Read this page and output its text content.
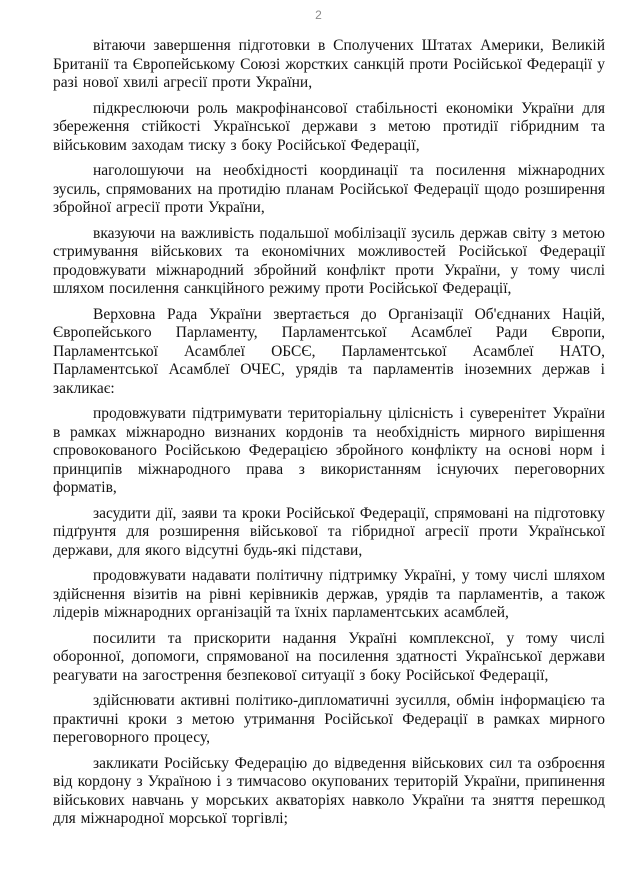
2

вітаючи завершення підготовки в Сполучених Штатах Америки, Великій Британії та Європейському Союзі жорстких санкцій проти Російської Федерації у разі нової хвилі агресії проти України,

підкреслюючи роль макрофінансової стабільності економіки України для збереження стійкості Української держави з метою протидії гібридним та військовим заходам тиску з боку Російської Федерації,

наголошуючи на необхідності координації та посилення міжнародних зусиль, спрямованих на протидію планам Російської Федерації щодо розширення збройної агресії проти України,

вказуючи на важливість подальшої мобілізації зусиль держав світу з метою стримування військових та економічних можливостей Російської Федерації продовжувати міжнародний збройний конфлікт проти України, у тому числі шляхом посилення санкційного режиму проти Російської Федерації,

Верховна Рада України звертається до Організації Об'єднаних Націй, Європейського Парламенту, Парламентської Асамблеї Ради Європи, Парламентської Асамблеї ОБСЄ, Парламентської Асамблеї НАТО, Парламентської Асамблеї ОЧЕС, урядів та парламентів іноземних держав і закликає:

продовжувати підтримувати територіальну цілісність і суверенітет України в рамках міжнародно визнаних кордонів та необхідність мирного вирішення спровокованого Російською Федерацією збройного конфлікту на основі норм і принципів міжнародного права з використанням існуючих переговорних форматів,

засудити дії, заяви та кроки Російської Федерації, спрямовані на підготовку підґрунтя для розширення військової та гібридної агресії проти Української держави, для якого відсутні будь-які підстави,

продовжувати надавати політичну підтримку Україні, у тому числі шляхом здійснення візитів на рівні керівників держав, урядів та парламентів, а також лідерів міжнародних організацій та їхніх парламентських асамблей,

посилити та прискорити надання Україні комплексної, у тому числі оборонної, допомоги, спрямованої на посилення здатності Української держави реагувати на загострення безпекової ситуації з боку Російської Федерації,

здійснювати активні політико-дипломатичні зусилля, обмін інформацією та практичні кроки з метою утримання Російської Федерації в рамках мирного переговорного процесу,

закликати Російську Федерацію до відведення військових сил та озброєння від кордону з Україною і з тимчасово окупованих територій України, припинення військових навчань у морських акваторіях навколо України та зняття перешкод для міжнародної морської торгівлі;
